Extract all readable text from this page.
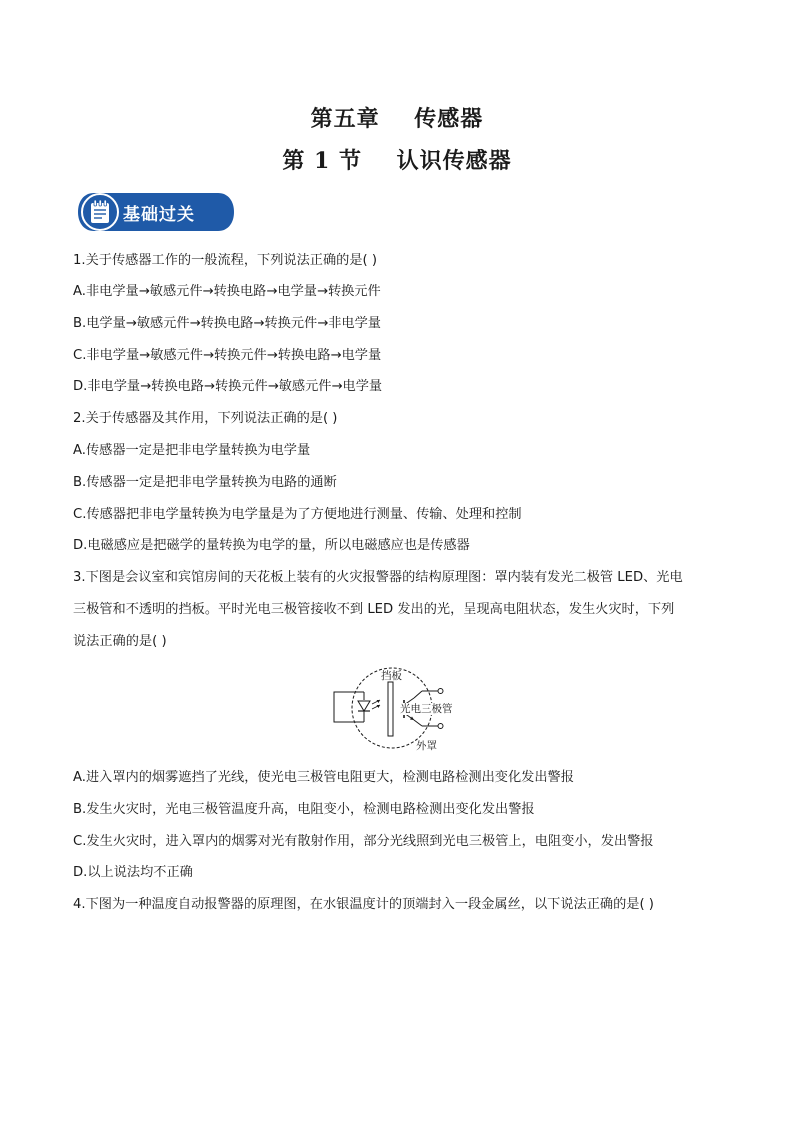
第五章    传感器
第 1 节    认识传感器
基础过关
1.关于传感器工作的一般流程，下列说法正确的是( )
A.非电学量→敏感元件→转换电路→电学量→转换元件
B.电学量→敏感元件→转换电路→转换元件→非电学量
C.非电学量→敏感元件→转换元件→转换电路→电学量
D.非电学量→转换电路→转换元件→敏感元件→电学量
2.关于传感器及其作用，下列说法正确的是( )
A.传感器一定是把非电学量转换为电学量
B.传感器一定是把非电学量转换为电路的通断
C.传感器把非电学量转换为电学量是为了方便地进行测量、传输、处理和控制
D.电磁感应是把磁学的量转换为电学的量，所以电磁感应也是传感器
3.下图是会议室和宾馆房间的天花板上装有的火灾报警器的结构原理图：罩内装有发光二极管 LED、光电
三极管和不透明的挡板。平时光电三极管接收不到 LED 发出的光，呈现高电阻状态，发生火灾时，下列
说法正确的是( )
挡板
光电三极管
外罩
A.进入罩内的烟雾遮挡了光线，使光电三极管电阻更大，检测电路检测出变化发出警报
B.发生火灾时，光电三极管温度升高，电阻变小，检测电路检测出变化发出警报
C.发生火灾时，进入罩内的烟雾对光有散射作用，部分光线照到光电三极管上，电阻变小，发出警报
D.以上说法均不正确
4.下图为一种温度自动报警器的原理图，在水银温度计的顶端封入一段金属丝，以下说法正确的是( )
